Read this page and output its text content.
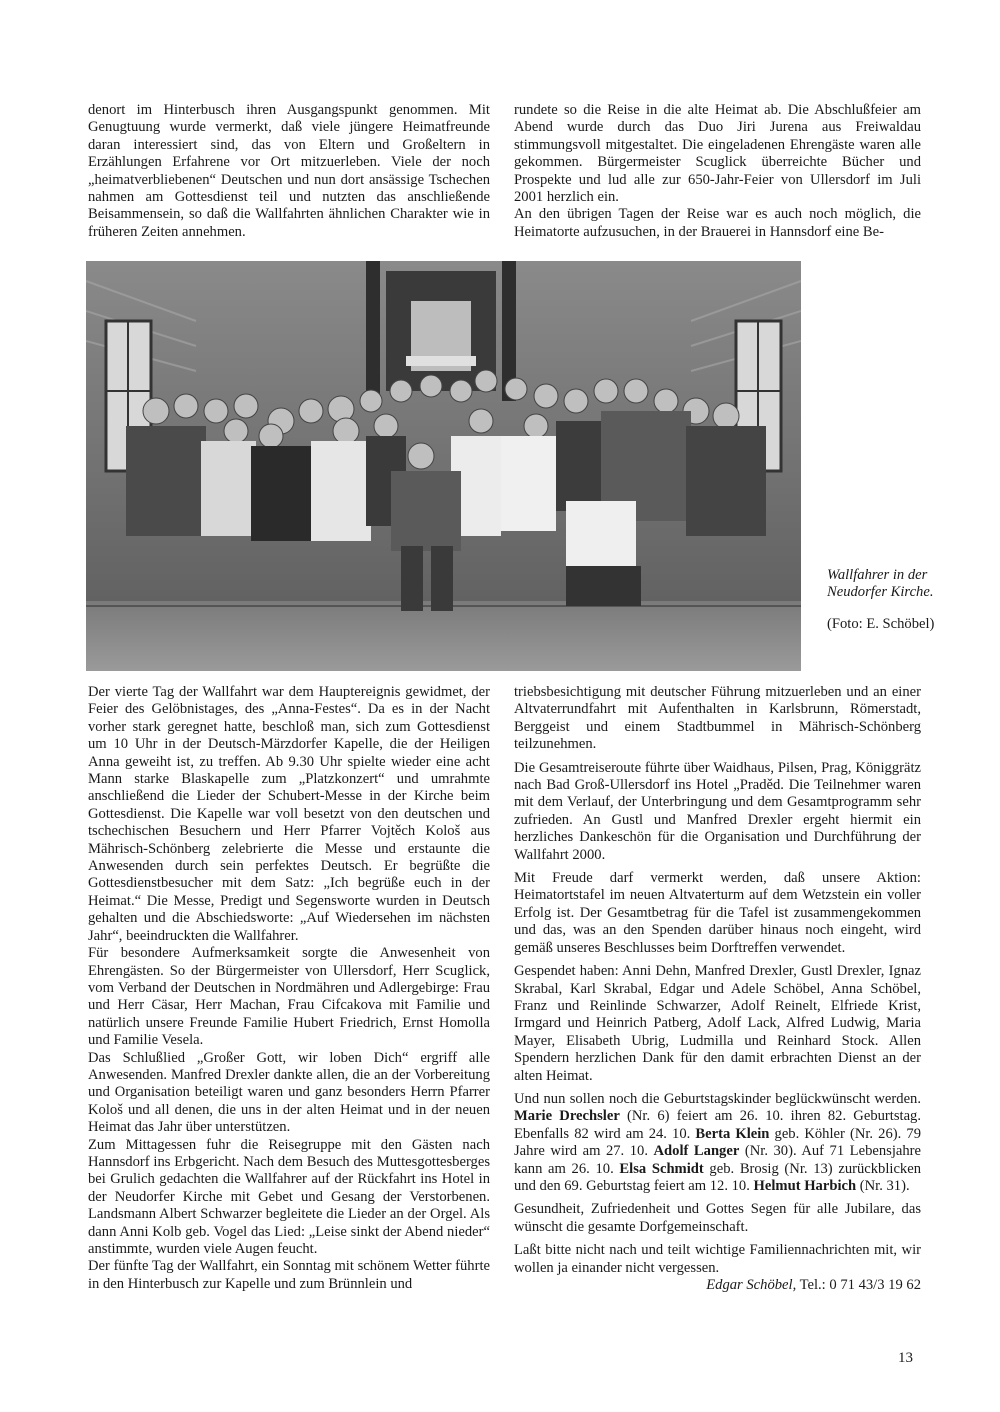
denort im Hinterbusch ihren Ausgangspunkt genommen. Mit Genugtuung wurde vermerkt, daß viele jüngere Heimatfreunde daran interessiert sind, das von Eltern und Großeltern in Erzählungen Erfahrene vor Ort mitzuerleben. Viele der noch „heimatverbliebenen“ Deutschen und nun dort ansässige Tschechen nahmen am Gottesdienst teil und nutzten das anschließende Beisammensein, so daß die Wallfahrten ähnlichen Charakter wie in früheren Zeiten annehmen.

rundete so die Reise in die alte Heimat ab. Die Abschlußfeier am Abend wurde durch das Duo Jiri Jurena aus Freiwaldau stimmungsvoll mitgestaltet. Die eingeladenen Ehrengäste waren alle gekommen. Bürgermeister Scuglick überreichte Bücher und Prospekte und lud alle zur 650-Jahr-Feier von Ullersdorf im Juli 2001 herzlich ein.

An den übrigen Tagen der Reise war es auch noch möglich, die Heimatorte aufzusuchen, in der Brauerei in Hannsdorf eine Be-

Wallfahrer in der Neudorfer Kirche.
(Foto: E. Schöbel)

Der vierte Tag der Wallfahrt war dem Hauptereignis gewidmet, der Feier des Gelöbnistages, des „Anna-Festes“. Da es in der Nacht vorher stark geregnet hatte, beschloß man, sich zum Gottesdienst um 10 Uhr in der Deutsch-Märzdorfer Kapelle, die der Heiligen Anna geweiht ist, zu treffen. Ab 9.30 Uhr spielte wieder eine acht Mann starke Blaskapelle zum „Platzkonzert“ und umrahmte anschließend die Lieder der Schubert-Messe in der Kirche beim Gottesdienst. Die Kapelle war voll besetzt von den deutschen und tschechischen Besuchern und Herr Pfarrer Vojtěch Kološ aus Mährisch-Schönberg zelebrierte die Messe und erstaunte die Anwesenden durch sein perfektes Deutsch. Er begrüßte die Gottesdienstbesucher mit dem Satz: „Ich begrüße euch in der Heimat.“ Die Messe, Predigt und Segensworte wurden in Deutsch gehalten und die Abschiedsworte: „Auf Wiedersehen im nächsten Jahr“, beeindruckten die Wallfahrer.

Für besondere Aufmerksamkeit sorgte die Anwesenheit von Ehrengästen. So der Bürgermeister von Ullersdorf, Herr Scuglick, vom Verband der Deutschen in Nordmähren und Adlergebirge: Frau und Herr Cäsar, Herr Machan, Frau Cifcakova mit Familie und natürlich unsere Freunde Familie Hubert Friedrich, Ernst Homolla und Familie Vesela.

Das Schlußlied „Großer Gott, wir loben Dich“ ergriff alle Anwesenden. Manfred Drexler dankte allen, die an der Vorbereitung und Organisation beteiligt waren und ganz besonders Herrn Pfarrer Kološ und all denen, die uns in der alten Heimat und in der neuen Heimat das Jahr über unterstützen.

Zum Mittagessen fuhr die Reisegruppe mit den Gästen nach Hannsdorf ins Erbgericht. Nach dem Besuch des Muttesgottesberges bei Grulich gedachten die Wallfahrer auf der Rückfahrt ins Hotel in der Neudorfer Kirche mit Gebet und Gesang der Verstorbenen. Landsmann Albert Schwarzer begleitete die Lieder an der Orgel. Als dann Anni Kolb geb. Vogel das Lied: „Leise sinkt der Abend nieder“ anstimmte, wurden viele Augen feucht.

Der fünfte Tag der Wallfahrt, ein Sonntag mit schönem Wetter führte in den Hinterbusch zur Kapelle und zum Brünnlein und

triebsbesichtigung mit deutscher Führung mitzuerleben und an einer Altvaterrundfahrt mit Aufenthalten in Karlsbrunn, Römerstadt, Berggeist und einem Stadtbummel in Mährisch-Schönberg teilzunehmen.

Die Gesamtreiseroute führte über Waidhaus, Pilsen, Prag, Königgrätz nach Bad Groß-Ullersdorf ins Hotel „Praděd. Die Teilnehmer waren mit dem Verlauf, der Unterbringung und dem Gesamtprogramm sehr zufrieden. An Gustl und Manfred Drexler ergeht hiermit ein herzliches Dankeschön für die Organisation und Durchführung der Wallfahrt 2000.

Mit Freude darf vermerkt werden, daß unsere Aktion: Heimatortstafel im neuen Altvaterturm auf dem Wetzstein ein voller Erfolg ist. Der Gesamtbetrag für die Tafel ist zusammengekommen und das, was an den Spenden darüber hinaus noch eingeht, wird gemäß unseres Beschlusses beim Dorftreffen verwendet.

Gespendet haben: Anni Dehn, Manfred Drexler, Gustl Drexler, Ignaz Skrabal, Karl Skrabal, Edgar und Adele Schöbel, Anna Schöbel, Franz und Reinlinde Schwarzer, Adolf Reinelt, Elfriede Krist, Irmgard und Heinrich Patberg, Adolf Lack, Alfred Ludwig, Maria Mayer, Elisabeth Ubrig, Ludmilla und Reinhard Stock. Allen Spendern herzlichen Dank für den damit erbrachten Dienst an der alten Heimat.

Und nun sollen noch die Geburtstagskinder beglückwünscht werden. Marie Drechsler (Nr. 6) feiert am 26. 10. ihren 82. Geburtstag. Ebenfalls 82 wird am 24. 10. Berta Klein geb. Köhler (Nr. 26). 79 Jahre wird am 27. 10. Adolf Langer (Nr. 30). Auf 71 Lebensjahre kann am 26. 10. Elsa Schmidt geb. Brosig (Nr. 13) zurückblicken und den 69. Geburtstag feiert am 12. 10. Helmut Harbich (Nr. 31).

Gesundheit, Zufriedenheit und Gottes Segen für alle Jubilare, das wünscht die gesamte Dorfgemeinschaft.

Laßt bitte nicht nach und teilt wichtige Familiennachrichten mit, wir wollen ja einander nicht vergessen.

Edgar Schöbel, Tel.: 0 71 43/3 19 62

13
